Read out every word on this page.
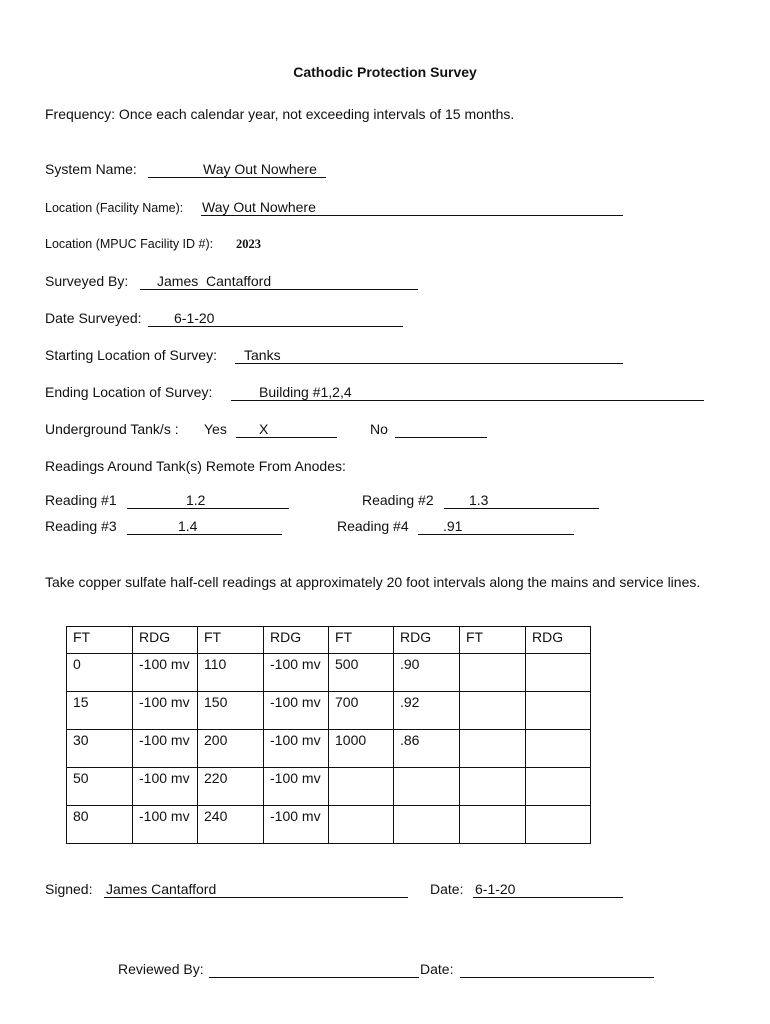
Cathodic Protection Survey
Frequency: Once each calendar year, not exceeding intervals of 15 months.
System Name:	Way Out Nowhere
Location (Facility Name): Way Out Nowhere
Location (MPUC Facility ID #): 2023
Surveyed By: James  Cantafford
Date Surveyed: 6-1-20
Starting Location of Survey: Tanks
Ending Location of Survey:	Building #1,2,4
Underground Tank/s : Yes X	No
Readings Around Tank(s) Remote From Anodes:
Reading #1	1.2	Reading #2	1.3
Reading #3	1.4	Reading #4 .91
Take copper sulfate half-cell readings at approximately 20 foot intervals along the mains and service lines.
FT	RDG	FT	RDG	FT	RDG	FT	RDG
0	-100 mv	110	-100 mv	500	.90		
15	-100 mv	150	-100 mv	700	.92		
30	-100 mv	200	-100 mv	1000	.86		
50	-100 mv	220	-100 mv				
80	-100 mv	240	-100 mv				
Signed: James Cantafford	Date: 6-1-20
Reviewed By:	Date:
